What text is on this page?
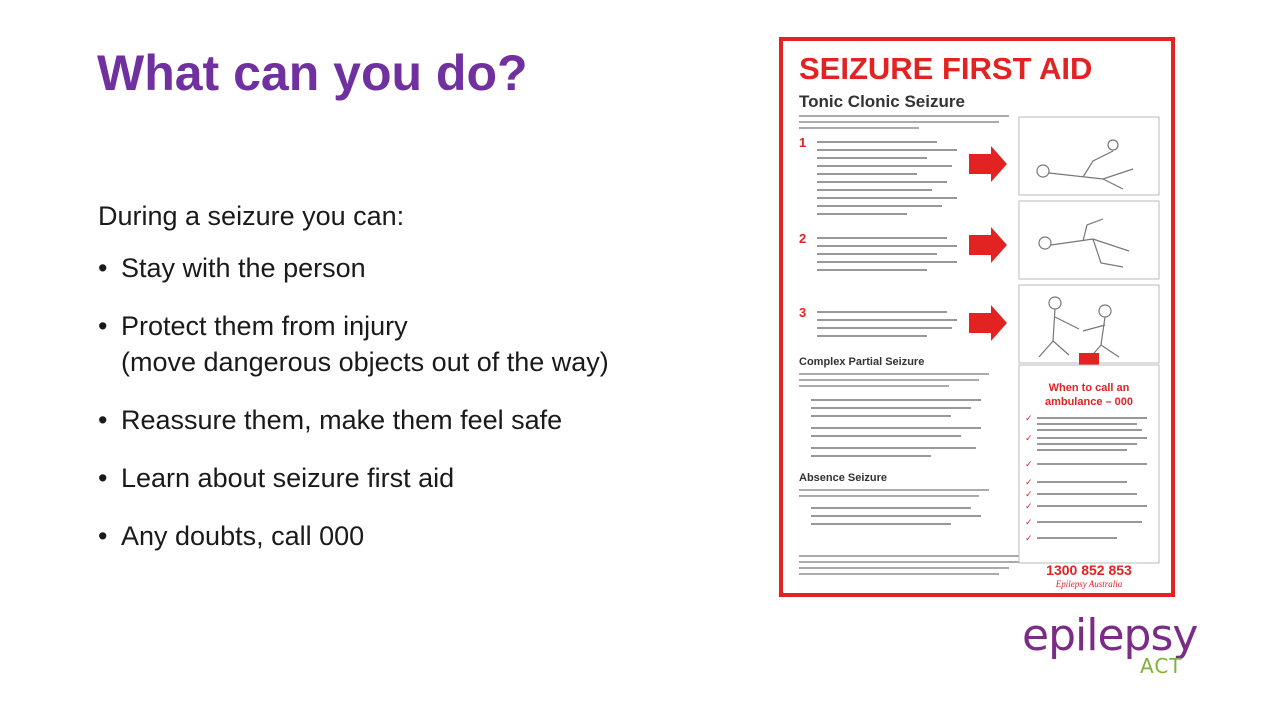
What can you do?
During a seizure you can:
• Stay with the person
• Protect them from injury
(move dangerous objects out of the way)
• Reassure them, make them feel safe
• Learn about seizure first aid
• Any doubts, call 000
SEIZURE FIRST AID
Tonic Clonic Seizure
1
2
3
Complex Partial Seizure
Absence Seizure
When to call an
ambulance – 000
✓
✓
✓
✓
✓
✓
✓
✓
1300 852 853
Epilepsy Australia
epilepsy
ACT
